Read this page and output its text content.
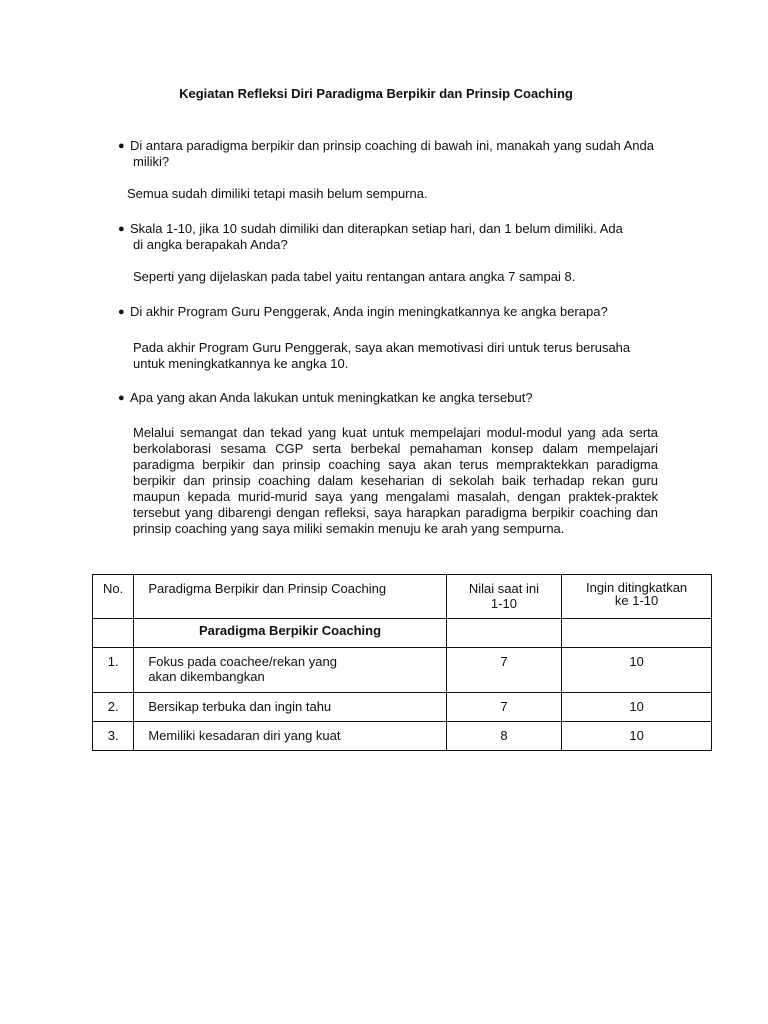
Kegiatan Refleksi Diri Paradigma Berpikir dan Prinsip Coaching
● Di antara paradigma berpikir dan prinsip coaching di bawah ini, manakah yang sudah Anda
miliki?
Semua sudah dimiliki tetapi masih belum sempurna.
● Skala 1-10, jika 10 sudah dimiliki dan diterapkan setiap hari, dan 1 belum dimiliki. Ada
di angka berapakah Anda?
Seperti yang dijelaskan pada tabel yaitu rentangan antara angka 7 sampai 8.
● Di akhir Program Guru Penggerak, Anda ingin meningkatkannya ke angka berapa?
Pada akhir Program Guru Penggerak, saya akan memotivasi diri untuk terus berusaha untuk meningkatkannya ke angka 10.
● Apa yang akan Anda lakukan untuk meningkatkan ke angka tersebut?
Melalui semangat dan tekad yang kuat untuk mempelajari modul-modul yang ada serta berkolaborasi sesama CGP serta berbekal pemahaman konsep dalam mempelajari paradigma berpikir dan prinsip coaching saya akan terus mempraktekkan paradigma berpikir dan prinsip coaching dalam keseharian di sekolah baik terhadap rekan guru maupun kepada murid-murid saya yang mengalami masalah, dengan praktek-praktek tersebut yang dibarengi dengan refleksi, saya harapkan paradigma berpikir coaching dan prinsip coaching yang saya miliki semakin menuju ke arah yang sempurna.
No.	Paradigma Berpikir dan Prinsip Coaching	Nilai saat ini 1-10	Ingin ditingkatkan ke 1-10
	Paradigma Berpikir Coaching		
1.	Fokus pada coachee/rekan yang akan dikembangkan	7	10
2.	Bersikap terbuka dan ingin tahu	7	10
3.	Memiliki kesadaran diri yang kuat	8	10
